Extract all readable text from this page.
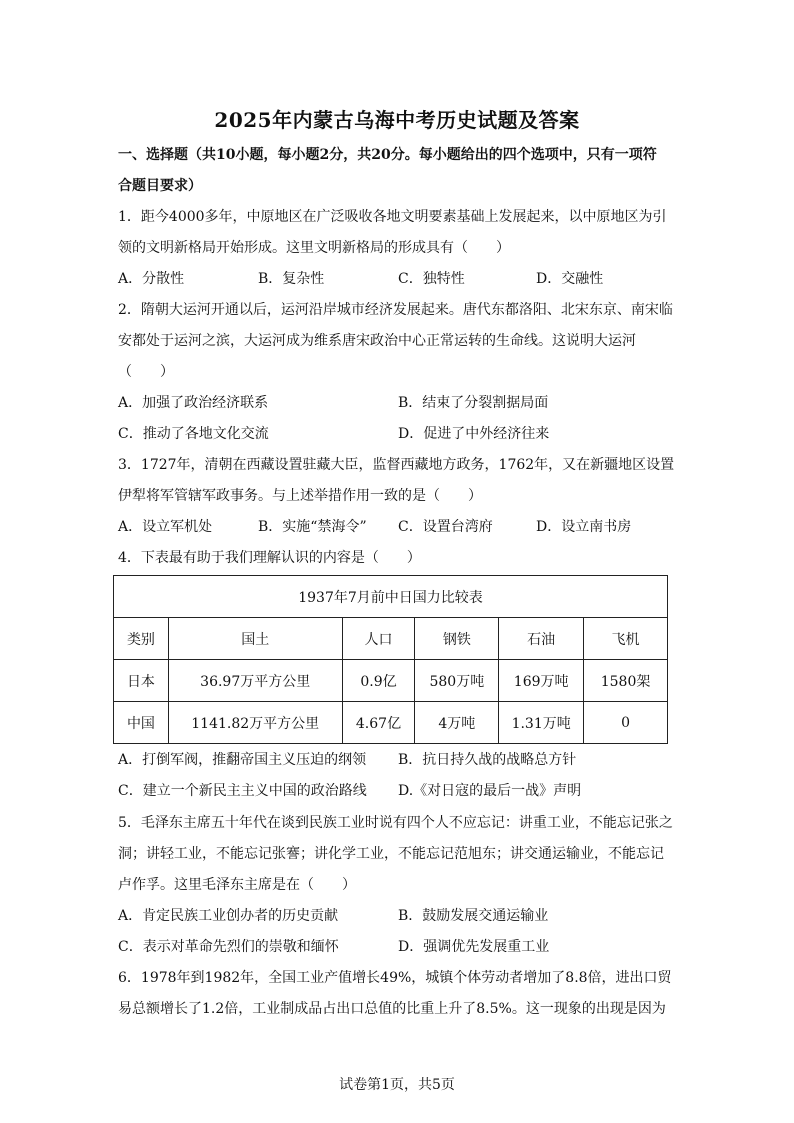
2025年内蒙古乌海中考历史试题及答案
一、选择题（共10小题，每小题2分，共20分。每小题给出的四个选项中，只有一项符
合题目要求）
1．距今4000多年，中原地区在广泛吸收各地文明要素基础上发展起来，以中原地区为引
领的文明新格局开始形成。这里文明新格局的形成具有（　　）
A．分散性	B．复杂性	C．独特性	D．交融性
2．隋朝大运河开通以后，运河沿岸城市经济发展起来。唐代东都洛阳、北宋东京、南宋临
安都处于运河之滨，大运河成为维系唐宋政治中心正常运转的生命线。这说明大运河
（　　）
A．加强了政治经济联系	B．结束了分裂割据局面
C．推动了各地文化交流	D．促进了中外经济往来
3．1727年，清朝在西藏设置驻藏大臣，监督西藏地方政务，1762年，又在新疆地区设置
伊犁将军管辖军政事务。与上述举措作用一致的是（　　）
A．设立军机处	B．实施“禁海令” C．设置台湾府	D．设立南书房
4．下表最有助于我们理解认识的内容是（　　）
1937年7月前中日国力比较表					
类别	国土	人口	钢铁	石油	飞机
日本	36.97万平方公里	0.9亿	580万吨	169万吨	1580架
中国	1141.82万平方公里	4.67亿	4万吨	1.31万吨	0
A．打倒军阀，推翻帝国主义压迫的纲领 B．抗日持久战的战略总方针
C．建立一个新民主主义中国的政治路线 D.《对日寇的最后一战》声明
5．毛泽东主席五十年代在谈到民族工业时说有四个人不应忘记：讲重工业，不能忘记张之
洞；讲轻工业，不能忘记张謇；讲化学工业，不能忘记范旭东；讲交通运输业，不能忘记
卢作孚。这里毛泽东主席是在（　　）
A．肯定民族工业创办者的历史贡献	B．鼓励发展交通运输业
C．表示对革命先烈们的崇敬和缅怀	D．强调优先发展重工业
6．1978年到1982年，全国工业产值增长49%，城镇个体劳动者增加了8.8倍，进出口贸
易总额增长了1.2倍，工业制成品占出口总值的比重上升了8.5%。这一现象的出现是因为
试卷第1页，共5页
